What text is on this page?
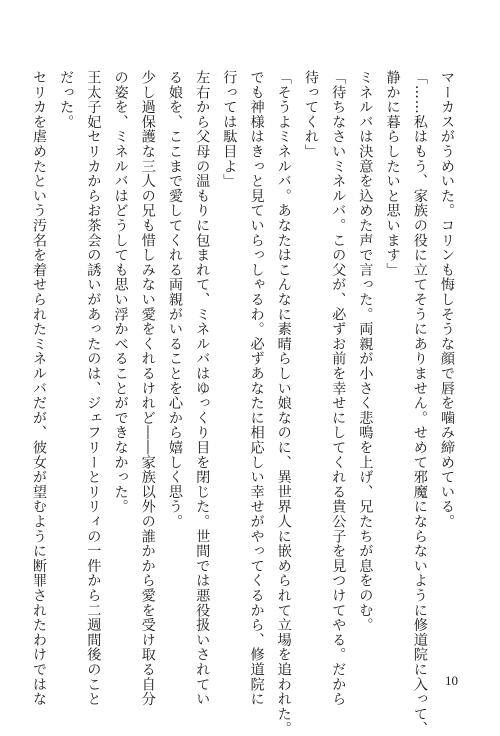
マーカスがうめいた。コリンも悔しそうな顔で唇を噛み締めている。
「……私はもう、家族の役に立てそうにありません。せめて邪魔にならないように修道院に入って、
静かに暮らしたいと思います」
ミネルバは決意を込めた声で言った。両親が小さく悲鳴を上げ、兄たちが息をのむ。
「待ちなさいミネルバ。この父が、必ずお前を幸せにしてくれる貴公子を見つけてやる。だから
待ってくれ」
「そうよミネルバ。あなたはこんなに素晴らしい娘なのに、異世界人に嵌められて立場を追われた。
でも神様はきっと見ていらっしゃるわ。必ずあなたに相応しい幸せがやってくるから、修道院に
行っては駄目よ」
左右から父母の温もりに包まれて、ミネルバはゆっくり目を閉じた。世間では悪役扱いされてい
る娘を、ここまで愛してくれる両親がいることを心から嬉しく思う。
少し過保護な三人の兄も惜しみない愛をくれるけれど――家族以外の誰かから愛を受け取る自分
の姿を、ミネルバはどうしても思い浮かべることができなかった。
王太子妃セリカからお茶会の誘いがあったのは、ジェフリーとリリィの一件から二週間後のこと
だった。
セリカを虐めたという汚名を着せられたミネルバだが、彼女が望むように断罪されたわけではな	10
